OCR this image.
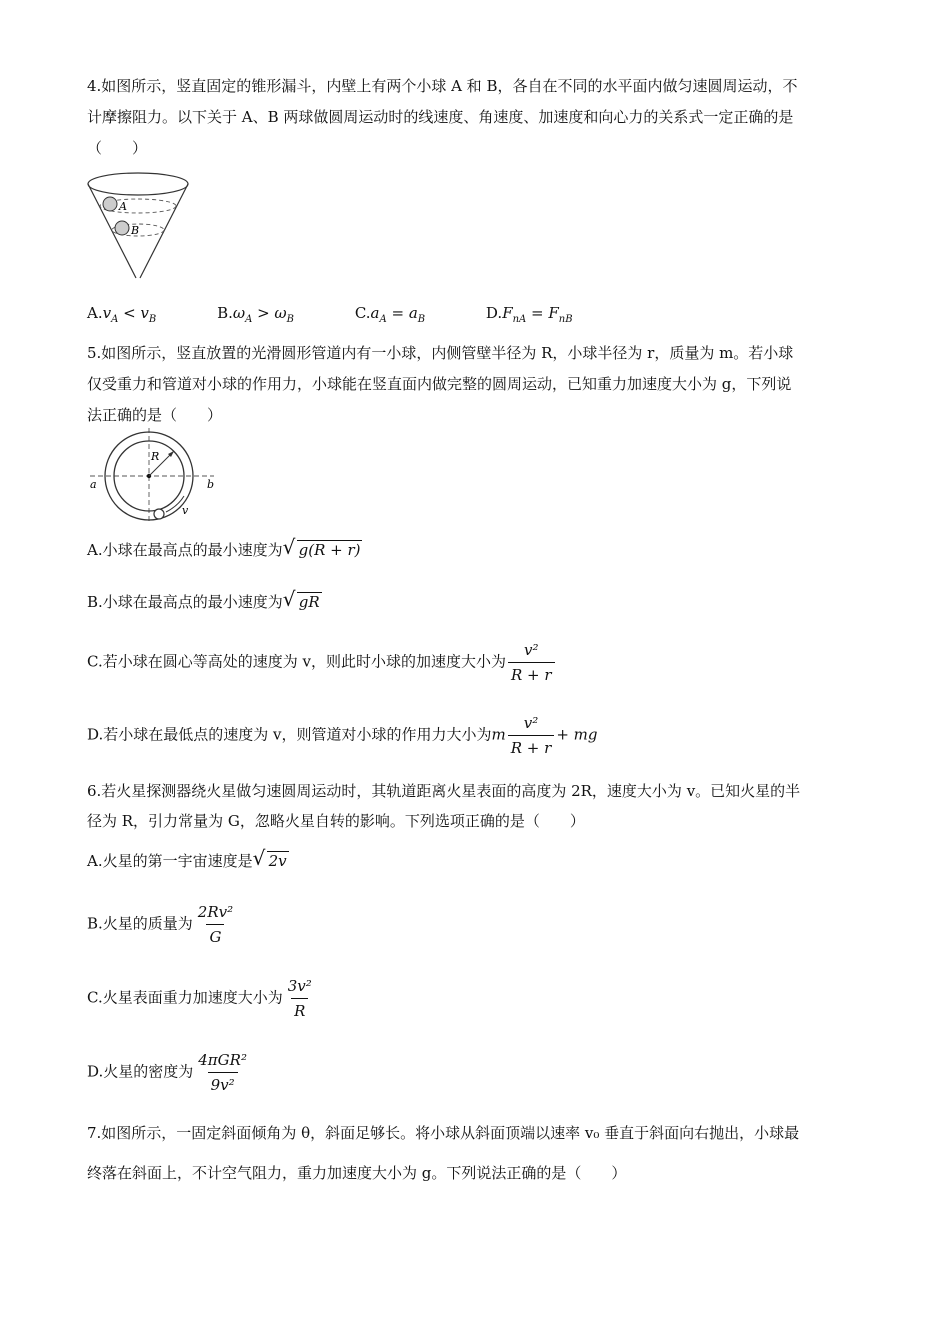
4.如图所示，竖直固定的锥形漏斗，内壁上有两个小球 A 和 B，各自在不同的水平面内做匀速圆周运动，不
计摩擦阻力。以下关于 A、B 两球做圆周运动时的线速度、角速度、加速度和向心力的关系式一定正确的是
（　　）
A
B
$A.v_A < v_B$	$B.\omega_A > \omega_B$	$C.a_A = a_B$	$D.F_{nA} = F_{nB}$
5.如图所示，竖直放置的光滑圆形管道内有一小球，内侧管壁半径为 R，小球半径为 r，质量为 m。若小球
仅受重力和管道对小球的作用力，小球能在竖直面内做完整的圆周运动，已知重力加速度大小为 g，下列说
法正确的是（　　）
R
a	b
v
A.小球在最高点的最小速度为 √ g(R + r)
B.小球在最高点的最小速度为 √ gR
C.若小球在圆心等高处的速度为 v，则此时小球的加速度大小为 $\frac{\text{v²}}{R + r}$
D.若小球在最低点的速度为 v，则管道对小球的作用力大小为m $\frac{\text{v²}}{R + r}$ + mg
6.若火星探测器绕火星做匀速圆周运动时，其轨道距离火星表面的高度为 2R，速度大小为 v。已知火星的半
径为 R，引力常量为 G，忽略火星自转的影响。下列选项正确的是（　　）
A.火星的第一宇宙速度是 √ 2v
B.火星的质量为 $\frac{\text{2Rv²}}{G}$
C.火星表面重力加速度大小为 $\frac{\text{3v²}}{R}$
D.火星的密度为 $\frac{\text{4πGR²}}{\text{9v²}}$
7.如图所示，一固定斜面倾角为 θ，斜面足够长。将小球从斜面顶端以速率 v₀ 垂直于斜面向右抛出，小球最
终落在斜面上，不计空气阻力，重力加速度大小为 g。下列说法正确的是（　　）
